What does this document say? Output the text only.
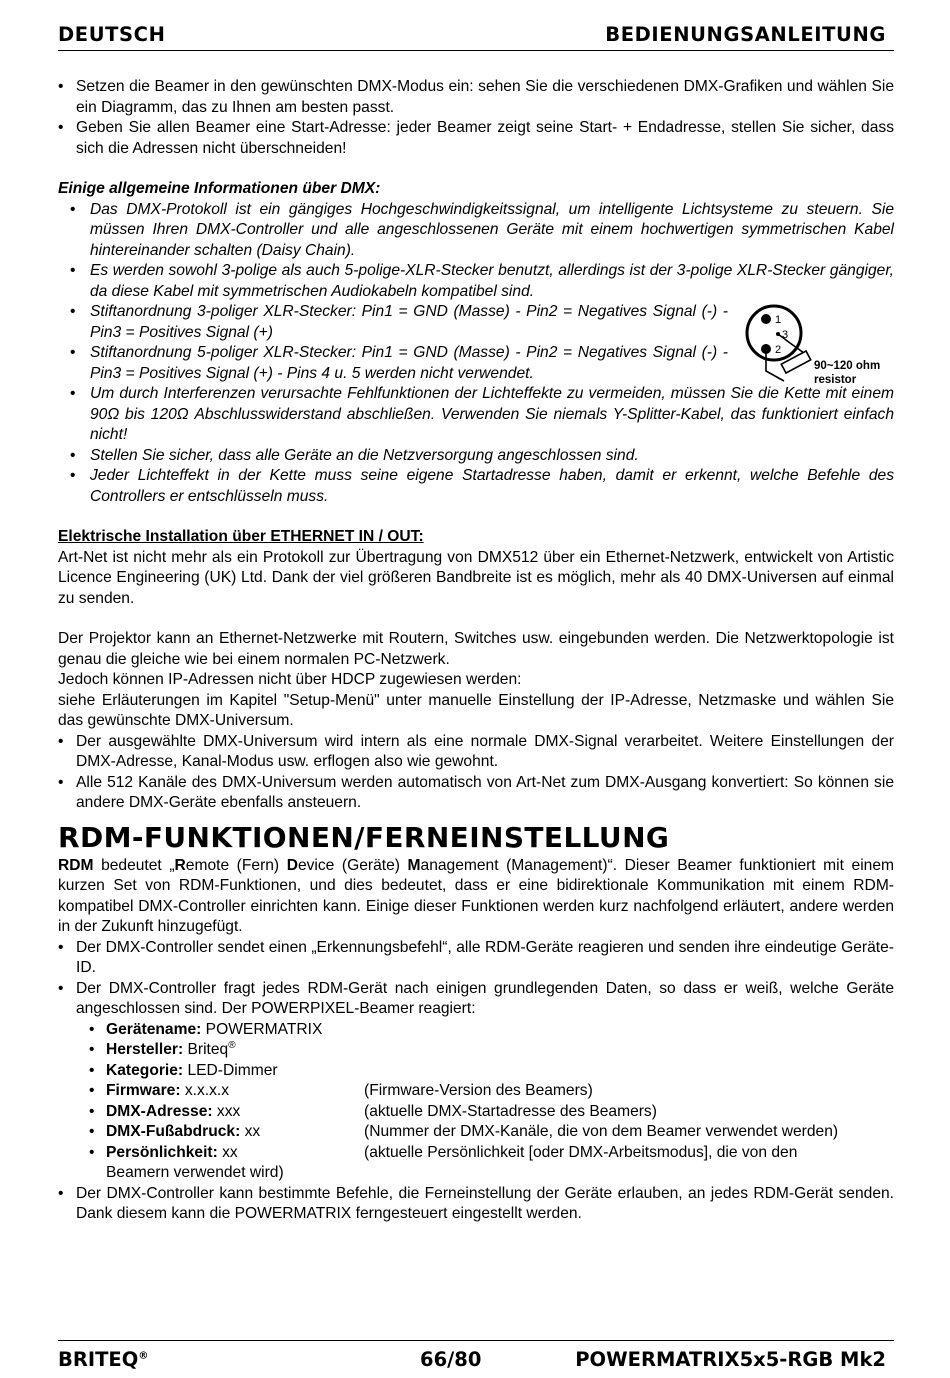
DEUTSCH	BEDIENUNGSANLEITUNG
• Setzen die Beamer in den gewünschten DMX-Modus ein: sehen Sie die verschiedenen DMX-Grafiken und wählen Sie ein Diagramm, das zu Ihnen am besten passt.
• Geben Sie allen Beamer eine Start-Adresse: jeder Beamer zeigt seine Start- + Endadresse, stellen Sie sicher, dass sich die Adressen nicht überschneiden!
Einige allgemeine Informationen über DMX:
• Das DMX-Protokoll ist ein gängiges Hochgeschwindigkeitssignal, um intelligente Lichtsysteme zu steuern. Sie müssen Ihren DMX-Controller und alle angeschlossenen Geräte mit einem hochwertigen symmetrischen Kabel hintereinander schalten (Daisy Chain).
• Es werden sowohl 3-polige als auch 5-polige-XLR-Stecker benutzt, allerdings ist der 3-polige XLR-Stecker gängiger, da diese Kabel mit symmetrischen Audiokabeln kompatibel sind.
• Stiftanordnung 3-poliger XLR-Stecker: Pin1 = GND (Masse) - Pin2 = Negatives Signal (-) - Pin3 = Positives Signal (+)
• Stiftanordnung 5-poliger XLR-Stecker: Pin1 = GND (Masse) - Pin2 = Negatives Signal (-) - Pin3 = Positives Signal (+) - Pins 4 u. 5 werden nicht verwendet.
• Um durch Interferenzen verursachte Fehlfunktionen der Lichteffekte zu vermeiden, müssen Sie die Kette mit einem 90Ω bis 120Ω Abschlusswiderstand abschließen. Verwenden Sie niemals Y-Splitter-Kabel, das funktioniert einfach nicht!
• Stellen Sie sicher, dass alle Geräte an die Netzversorgung angeschlossen sind.
• Jeder Lichteffekt in der Kette muss seine eigene Startadresse haben, damit er erkennt, welche Befehle des Controllers er entschlüsseln muss.
1
3
2
90~120 ohm
resistor
Elektrische Installation über ETHERNET IN / OUT:

Art-Net ist nicht mehr als ein Protokoll zur Übertragung von DMX512 über ein Ethernet-Netzwerk, entwickelt von Artistic Licence Engineering (UK) Ltd. Dank der viel größeren Bandbreite ist es möglich, mehr als 40 DMX-Universen auf einmal zu senden.

Der Projektor kann an Ethernet-Netzwerke mit Routern, Switches usw. eingebunden werden. Die Netzwerktopologie ist genau die gleiche wie bei einem normalen PC-Netzwerk.

Jedoch können IP-Adressen nicht über HDCP zugewiesen werden:

siehe Erläuterungen im Kapitel "Setup-Menü" unter manuelle Einstellung der IP-Adresse, Netzmaske und wählen Sie das gewünschte DMX-Universum.

• Der ausgewählte DMX-Universum wird intern als eine normale DMX-Signal verarbeitet. Weitere Einstellungen der DMX-Adresse, Kanal-Modus usw. erflogen also wie gewohnt.
• Alle 512 Kanäle des DMX-Universum werden automatisch von Art-Net zum DMX-Ausgang konvertiert: So können sie andere DMX-Geräte ebenfalls ansteuern.
RDM-FUNKTIONEN/FERNEINSTELLUNG

RDM bedeutet „Remote (Fern) Device (Geräte) Management (Management)“. Dieser Beamer funktioniert mit einem kurzen Set von RDM-Funktionen, und dies bedeutet, dass er eine bidirektionale Kommunikation mit einem RDM-kompatibel DMX-Controller einrichten kann. Einige dieser Funktionen werden kurz nachfolgend erläutert, andere werden in der Zukunft hinzugefügt.

• Der DMX-Controller sendet einen „Erkennungsbefehl“, alle RDM-Geräte reagieren und senden ihre eindeutige Geräte-ID.
• Der DMX-Controller fragt jedes RDM-Gerät nach einigen grundlegenden Daten, so dass er weiß, welche Geräte angeschlossen sind. Der POWERPIXEL-Beamer reagiert:
• Gerätename: POWERMATRIX
• Hersteller: Briteq®
• Kategorie: LED-Dimmer
• Firmware: x.x.x.x	(Firmware-Version des Beamers)
• DMX-Adresse: xxx	(aktuelle DMX-Startadresse des Beamers)
• DMX-Fußabdruck: xx	(Nummer der DMX-Kanäle, die von dem Beamer verwendet werden)
• Persönlichkeit: xx	(aktuelle Persönlichkeit [oder DMX-Arbeitsmodus], die von den
Beamern verwendet wird)
• Der DMX-Controller kann bestimmte Befehle, die Ferneinstellung der Geräte erlauben, an jedes RDM-Gerät senden. Dank diesem kann die POWERMATRIX ferngesteuert eingestellt werden.
BRITEQ®	66/80	POWERMATRIX5x5-RGB Mk2
